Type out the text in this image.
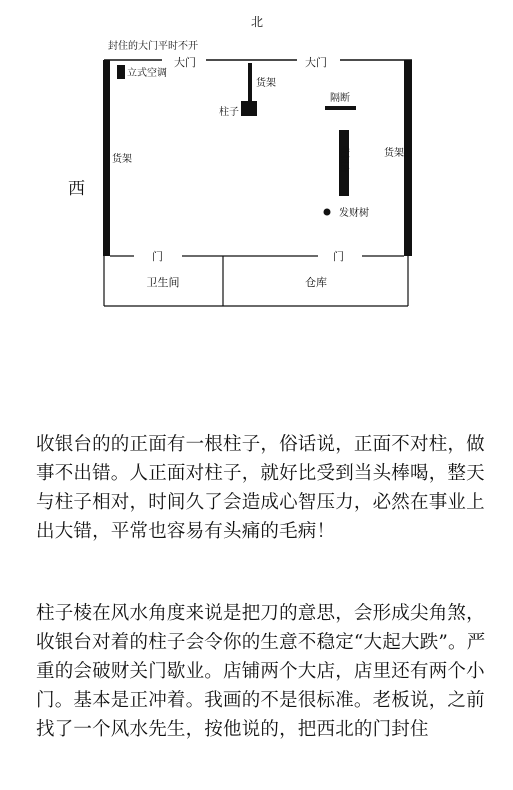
北
封住的大门平时不开
西
大门	大门
立式空调
货架
柱子
隔断
收银台
发财树
货架
货架
门	门
卫生间	仓库

收银台的的正面有一根柱子，俗话说，正面不对柱，做事不出错。人正面对柱子，就好比受到当头棒喝，整天与柱子相对，时间久了会造成心智压力，必然在事业上出大错，平常也容易有头痛的毛病！

柱子棱在风水角度来说是把刀的意思，会形成尖角煞，收银台对着的柱子会令你的生意不稳定“大起大跌”。严重的会破财关门歇业。店铺两个大店，店里还有两个小门。基本是正冲着。我画的不是很标准。老板说，之前找了一个风水先生，按他说的，把西北的门封住
